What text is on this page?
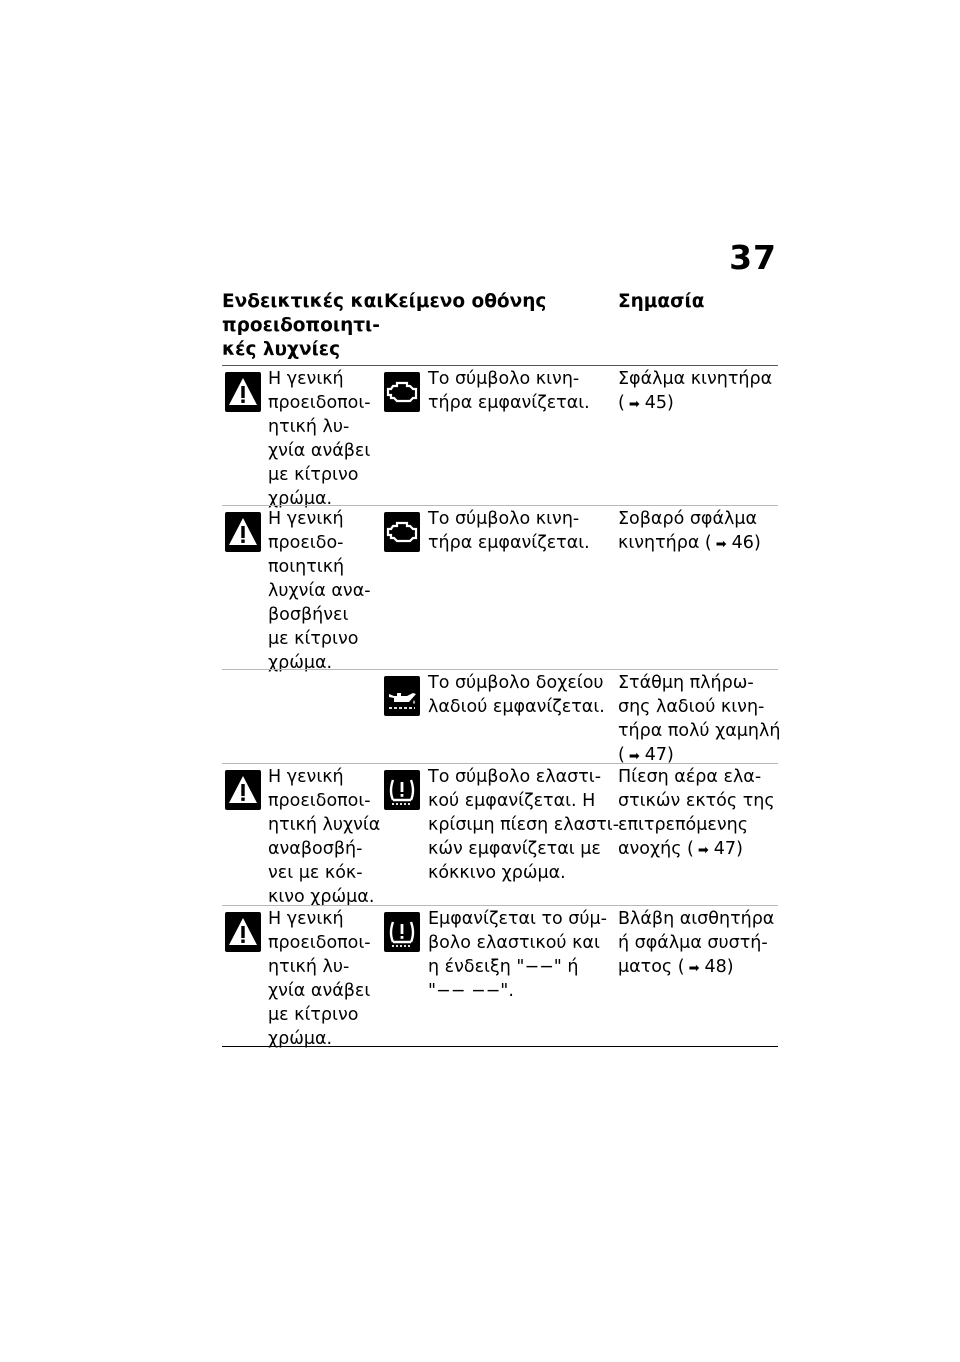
37
Ενδεικτικές και
προειδοποιητι-
κές λυχνίες
Κείμενο οθόνης	Σημασία
Η γενική
προειδοποι-
ητική λυ-
χνία ανάβει
με κίτρινο
χρώμα.
Το σύμβολο κινη-
τήρα εμφανίζεται.
Σφάλμα κινητήρα
( ➡ 45)
Η γενική
προειδο-
ποιητική
λυχνία ανα-
βοσβήνει
με κίτρινο
χρώμα.
Το σύμβολο κινη-
τήρα εμφανίζεται.
Σοβαρό σφάλμα
κινητήρα ( ➡ 46)
Το σύμβολο δοχείου
λαδιού εμφανίζεται.
Στάθμη πλήρω-
σης λαδιού κινη-
τήρα πολύ χαμηλή
( ➡ 47)
Η γενική
προειδοποι-
ητική λυχνία
αναβοσβή-
νει με κόκ-
κινο χρώμα.
Το σύμβολο ελαστι-
κού εμφανίζεται. Η
κρίσιμη πίεση ελαστι-
κών εμφανίζεται με
κόκκινο χρώμα.
Πίεση αέρα ελα-
στικών εκτός της
επιτρεπόμενης
ανοχής ( ➡ 47)
Η γενική
προειδοποι-
ητική λυ-
χνία ανάβει
με κίτρινο
χρώμα.
Εμφανίζεται το σύμ-
βολο ελαστικού και
η ένδειξη "−−" ή
"−− −−".
Βλάβη αισθητήρα
ή σφάλμα συστή-
ματος ( ➡ 48)
